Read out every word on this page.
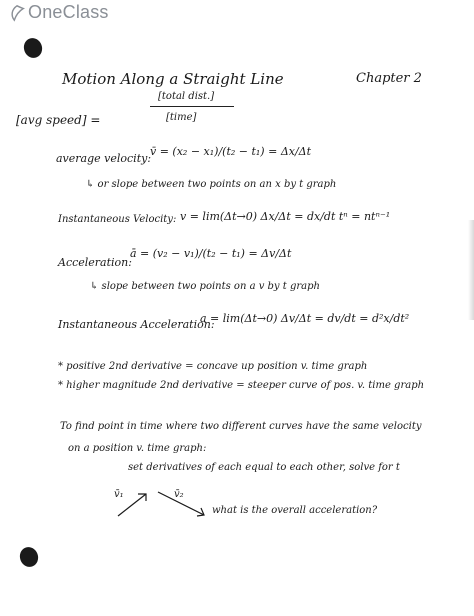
OneClass
Motion Along a Straight Line	Chapter 2
[total dist.]
[avg speed] =	[time]
average velocity:
v̄ = (x₂ − x₁)/(t₂ − t₁) = Δx/Δt
↳ or slope between two points on an x by t graph
Instantaneous Velocity: v = lim(Δt→0) Δx/Δt = dx/dt tⁿ = ntⁿ⁻¹
Acceleration:
ā = (v₂ − v₁)/(t₂ − t₁) = Δv/Δt
↳ slope between two points on a v by t graph
Instantaneous Acceleration:
a = lim(Δt→0) Δv/Δt = dv/dt = d²x/dt²
* positive 2nd derivative = concave up position v. time graph
* higher magnitude 2nd derivative = steeper curve of pos. v. time graph
To find point in time where two different curves have the same velocity
on a position v. time graph:
set derivatives of each equal to each other, solve for t
v̄₁	v̄₂
what is the overall acceleration?
